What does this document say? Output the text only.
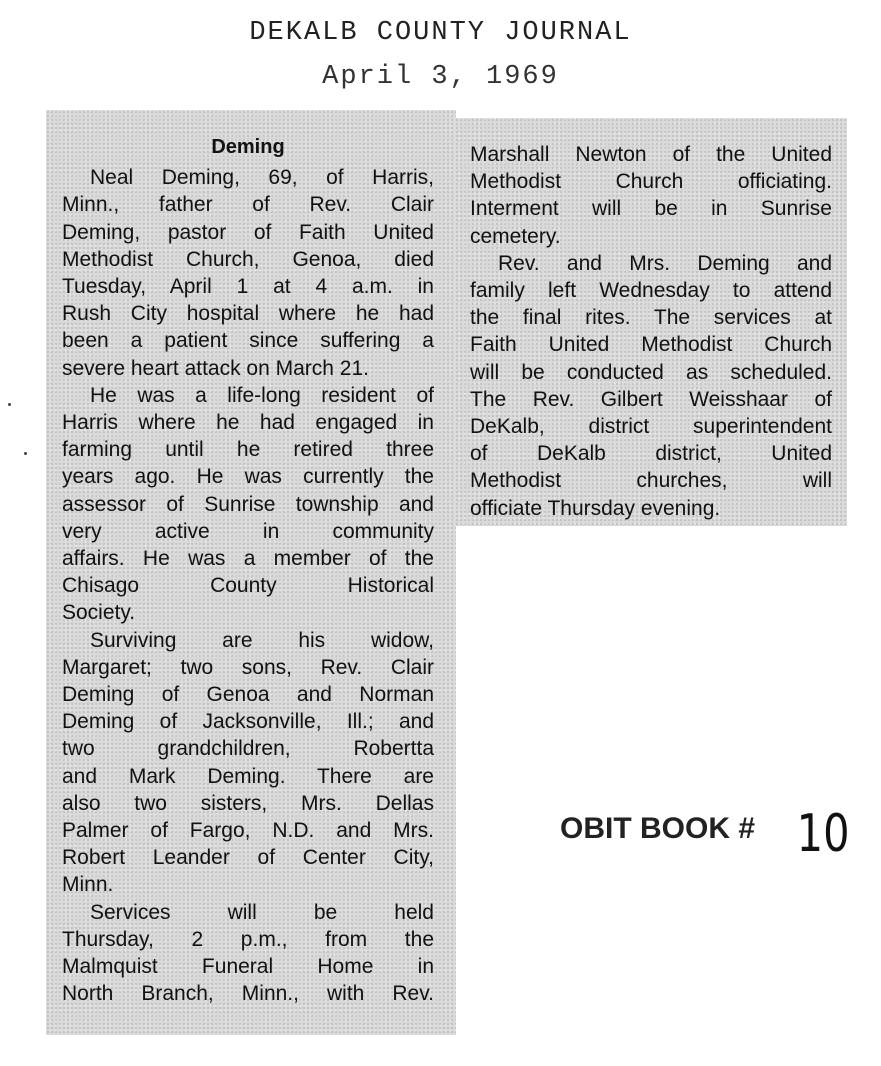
DEKALB COUNTY JOURNAL
April 3, 1969
Deming
Neal Deming, 69, of Harris,
Minn., father of Rev. Clair
Deming, pastor of Faith United
Methodist Church, Genoa, died
Tuesday, April 1 at 4 a.m. in
Rush City hospital where he had
been a patient since suffering a
severe heart attack on March 21.
He was a life-long resident of
Harris where he had engaged in
farming until he retired three
years ago. He was currently the
assessor of Sunrise township and
very active in community
affairs. He was a member of the
Chisago County Historical
Society.
Surviving are his widow,
Margaret; two sons, Rev. Clair
Deming of Genoa and Norman
Deming of Jacksonville, Ill.; and
two grandchildren, Robertta
and Mark Deming. There are
also two sisters, Mrs. Dellas
Palmer of Fargo, N.D. and Mrs.
Robert Leander of Center City,
Minn.
Services will be held
Thursday, 2 p.m., from the
Malmquist Funeral Home in
North Branch, Minn., with Rev.
Marshall Newton of the United
Methodist Church officiating.
Interment will be in Sunrise
cemetery.
Rev. and Mrs. Deming and
family left Wednesday to attend
the final rites. The services at
Faith United Methodist Church
will be conducted as scheduled.
The Rev. Gilbert Weisshaar of
DeKalb, district superintendent
of DeKalb district, United
Methodist churches, will
officiate Thursday evening.
OBIT BOOK # 10
